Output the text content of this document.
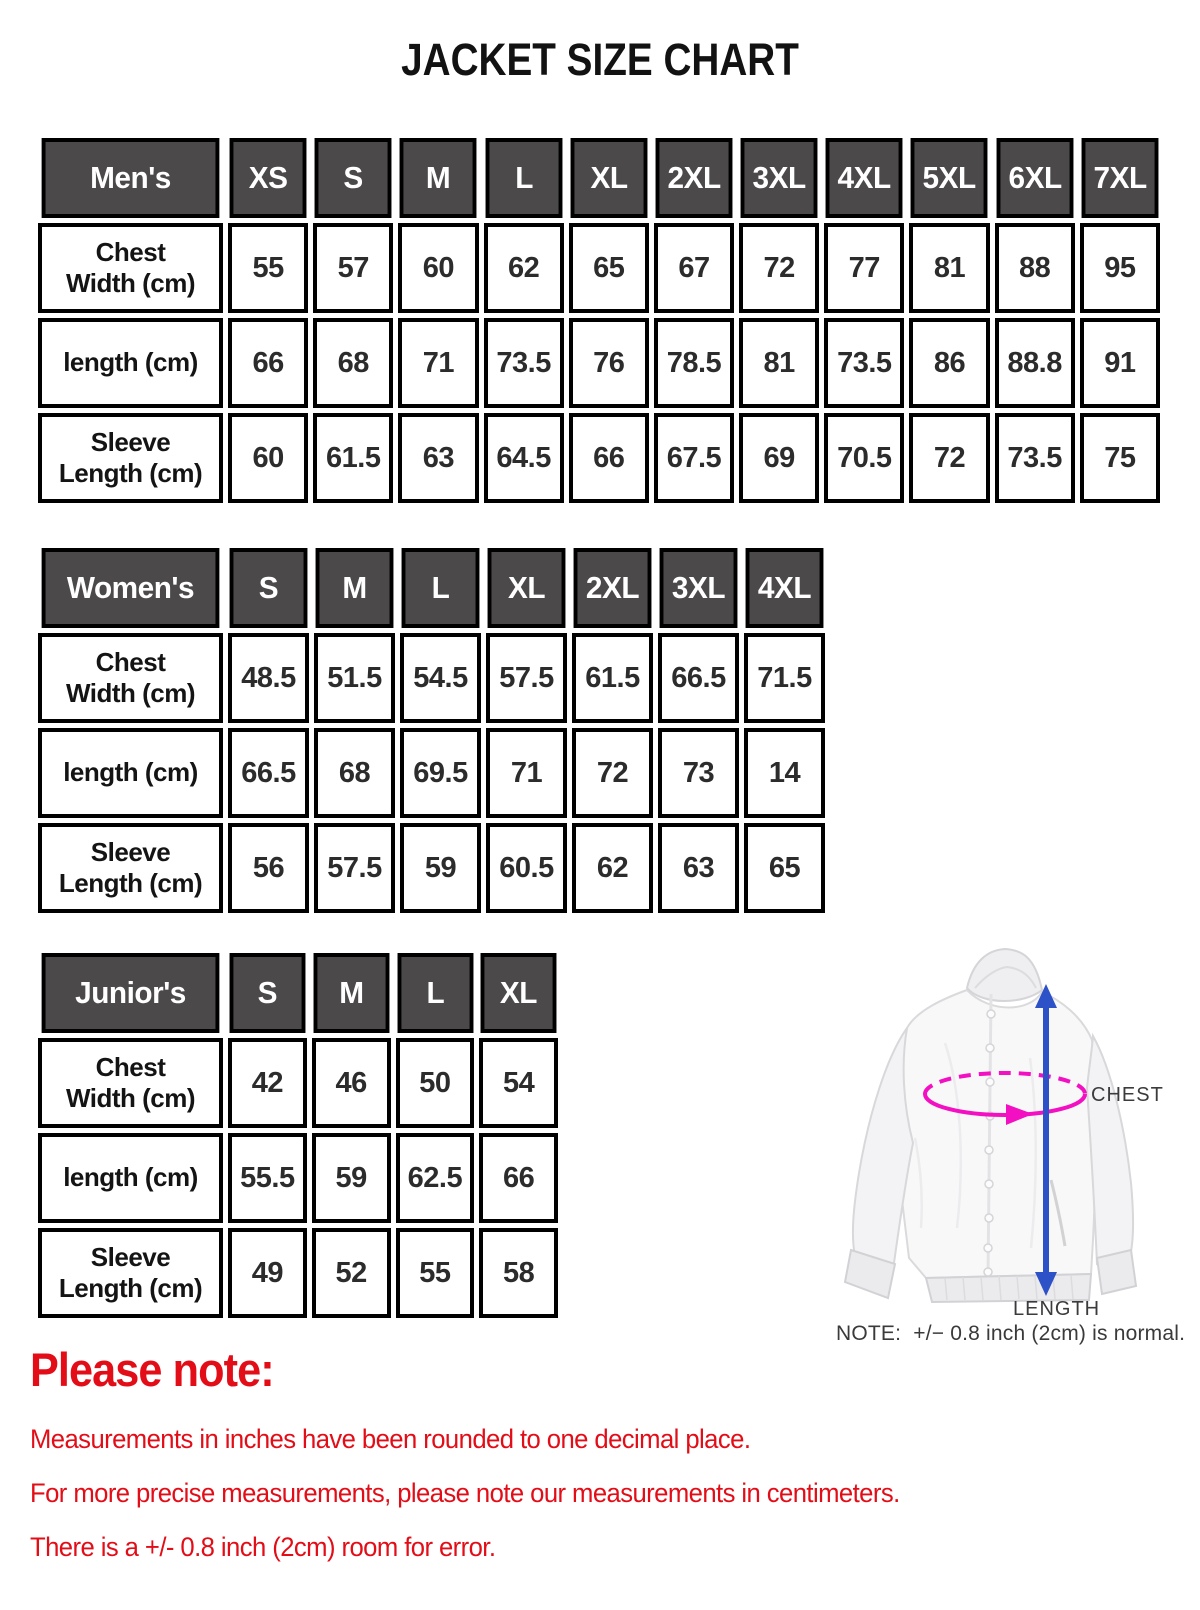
JACKET SIZE CHART
Men's	XS	S	M	L	XL	2XL	3XL	4XL	5XL	6XL	7XL
Chest
Width (cm)	55	57	60	62	65	67	72	77	81	88	95
length (cm)	66	68	71	73.5	76	78.5	81	73.5	86	88.8	91
Sleeve
Length (cm)	60	61.5	63	64.5	66	67.5	69	70.5	72	73.5	75
Women's	S	M	L	XL	2XL	3XL	4XL
Chest
Width (cm)	48.5	51.5	54.5	57.5	61.5	66.5	71.5
length (cm)	66.5	68	69.5	71	72	73	14
Sleeve
Length (cm)	56	57.5	59	60.5	62	63	65
Junior's	S	M	L	XL
Chest
Width (cm)	42	46	50	54
length (cm)	55.5	59	62.5	66
Sleeve
Length (cm)	49	52	55	58
CHEST
LENGTH
NOTE:  +/− 0.8 inch (2cm) is normal.
Please note:

Measurements in inches have been rounded to one decimal place.

For more precise measurements, please note our measurements in centimeters.

There is a +/- 0.8 inch (2cm) room for error.
